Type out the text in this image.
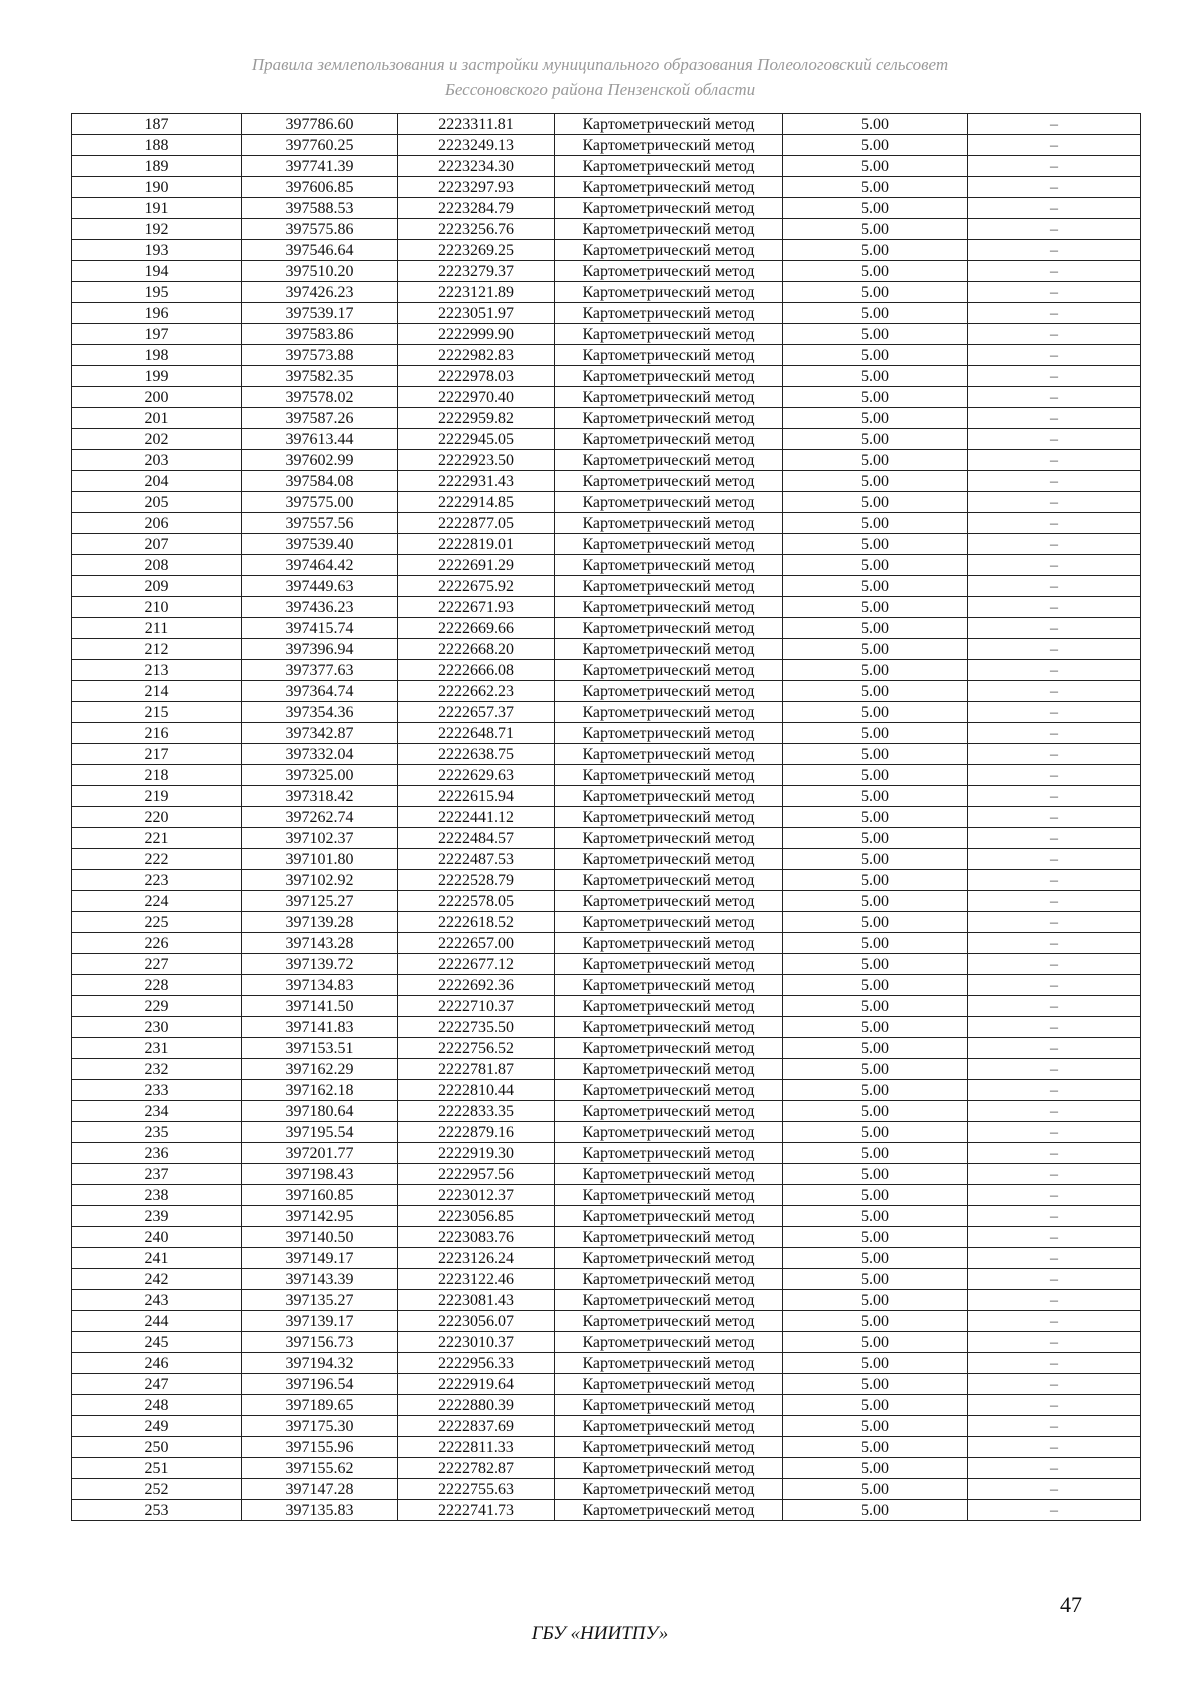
Правила землепользования и застройки муниципального образования Полеологовский сельсовет
Бессоновского района Пензенской области
187	397786.60	2223311.81	Картометрический метод	5.00	–
188	397760.25	2223249.13	Картометрический метод	5.00	–
189	397741.39	2223234.30	Картометрический метод	5.00	–
190	397606.85	2223297.93	Картометрический метод	5.00	–
191	397588.53	2223284.79	Картометрический метод	5.00	–
192	397575.86	2223256.76	Картометрический метод	5.00	–
193	397546.64	2223269.25	Картометрический метод	5.00	–
194	397510.20	2223279.37	Картометрический метод	5.00	–
195	397426.23	2223121.89	Картометрический метод	5.00	–
196	397539.17	2223051.97	Картометрический метод	5.00	–
197	397583.86	2222999.90	Картометрический метод	5.00	–
198	397573.88	2222982.83	Картометрический метод	5.00	–
199	397582.35	2222978.03	Картометрический метод	5.00	–
200	397578.02	2222970.40	Картометрический метод	5.00	–
201	397587.26	2222959.82	Картометрический метод	5.00	–
202	397613.44	2222945.05	Картометрический метод	5.00	–
203	397602.99	2222923.50	Картометрический метод	5.00	–
204	397584.08	2222931.43	Картометрический метод	5.00	–
205	397575.00	2222914.85	Картометрический метод	5.00	–
206	397557.56	2222877.05	Картометрический метод	5.00	–
207	397539.40	2222819.01	Картометрический метод	5.00	–
208	397464.42	2222691.29	Картометрический метод	5.00	–
209	397449.63	2222675.92	Картометрический метод	5.00	–
210	397436.23	2222671.93	Картометрический метод	5.00	–
211	397415.74	2222669.66	Картометрический метод	5.00	–
212	397396.94	2222668.20	Картометрический метод	5.00	–
213	397377.63	2222666.08	Картометрический метод	5.00	–
214	397364.74	2222662.23	Картометрический метод	5.00	–
215	397354.36	2222657.37	Картометрический метод	5.00	–
216	397342.87	2222648.71	Картометрический метод	5.00	–
217	397332.04	2222638.75	Картометрический метод	5.00	–
218	397325.00	2222629.63	Картометрический метод	5.00	–
219	397318.42	2222615.94	Картометрический метод	5.00	–
220	397262.74	2222441.12	Картометрический метод	5.00	–
221	397102.37	2222484.57	Картометрический метод	5.00	–
222	397101.80	2222487.53	Картометрический метод	5.00	–
223	397102.92	2222528.79	Картометрический метод	5.00	–
224	397125.27	2222578.05	Картометрический метод	5.00	–
225	397139.28	2222618.52	Картометрический метод	5.00	–
226	397143.28	2222657.00	Картометрический метод	5.00	–
227	397139.72	2222677.12	Картометрический метод	5.00	–
228	397134.83	2222692.36	Картометрический метод	5.00	–
229	397141.50	2222710.37	Картометрический метод	5.00	–
230	397141.83	2222735.50	Картометрический метод	5.00	–
231	397153.51	2222756.52	Картометрический метод	5.00	–
232	397162.29	2222781.87	Картометрический метод	5.00	–
233	397162.18	2222810.44	Картометрический метод	5.00	–
234	397180.64	2222833.35	Картометрический метод	5.00	–
235	397195.54	2222879.16	Картометрический метод	5.00	–
236	397201.77	2222919.30	Картометрический метод	5.00	–
237	397198.43	2222957.56	Картометрический метод	5.00	–
238	397160.85	2223012.37	Картометрический метод	5.00	–
239	397142.95	2223056.85	Картометрический метод	5.00	–
240	397140.50	2223083.76	Картометрический метод	5.00	–
241	397149.17	2223126.24	Картометрический метод	5.00	–
242	397143.39	2223122.46	Картометрический метод	5.00	–
243	397135.27	2223081.43	Картометрический метод	5.00	–
244	397139.17	2223056.07	Картометрический метод	5.00	–
245	397156.73	2223010.37	Картометрический метод	5.00	–
246	397194.32	2222956.33	Картометрический метод	5.00	–
247	397196.54	2222919.64	Картометрический метод	5.00	–
248	397189.65	2222880.39	Картометрический метод	5.00	–
249	397175.30	2222837.69	Картометрический метод	5.00	–
250	397155.96	2222811.33	Картометрический метод	5.00	–
251	397155.62	2222782.87	Картометрический метод	5.00	–
252	397147.28	2222755.63	Картометрический метод	5.00	–
253	397135.83	2222741.73	Картометрический метод	5.00	–
47
ГБУ «НИИТПУ»
